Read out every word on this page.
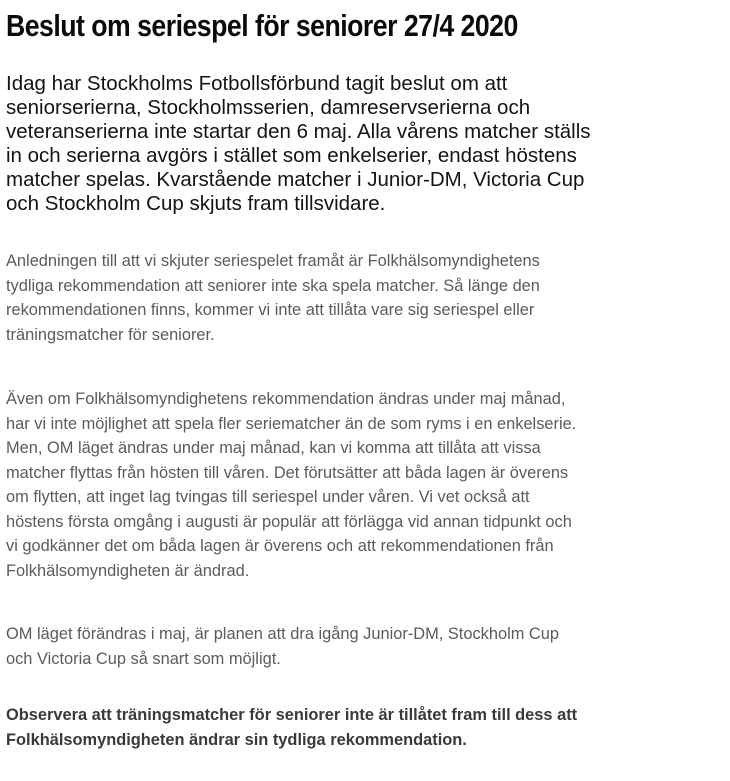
Beslut om seriespel för seniorer 27/4 2020

Idag har Stockholms Fotbollsförbund tagit beslut om att
seniorserierna, Stockholmsserien, damreservserierna och
veteranserierna inte startar den 6 maj. Alla vårens matcher ställs
in och serierna avgörs i stället som enkelserier, endast höstens
matcher spelas. Kvarstående matcher i Junior-DM, Victoria Cup
och Stockholm Cup skjuts fram tillsvidare.

Anledningen till att vi skjuter seriespelet framåt är Folkhälsomyndighetens
tydliga rekommendation att seniorer inte ska spela matcher. Så länge den
rekommendationen finns, kommer vi inte att tillåta vare sig seriespel eller
träningsmatcher för seniorer.

Även om Folkhälsomyndighetens rekommendation ändras under maj månad,
har vi inte möjlighet att spela fler seriematcher än de som ryms i en enkelserie.
Men, OM läget ändras under maj månad, kan vi komma att tillåta att vissa
matcher flyttas från hösten till våren. Det förutsätter att båda lagen är överens
om flytten, att inget lag tvingas till seriespel under våren. Vi vet också att
höstens första omgång i augusti är populär att förlägga vid annan tidpunkt och
vi godkänner det om båda lagen är överens och att rekommendationen från
Folkhälsomyndigheten är ändrad.

OM läget förändras i maj, är planen att dra igång Junior-DM, Stockholm Cup
och Victoria Cup så snart som möjligt.

Observera att träningsmatcher för seniorer inte är tillåtet fram till dess att
Folkhälsomyndigheten ändrar sin tydliga rekommendation.
